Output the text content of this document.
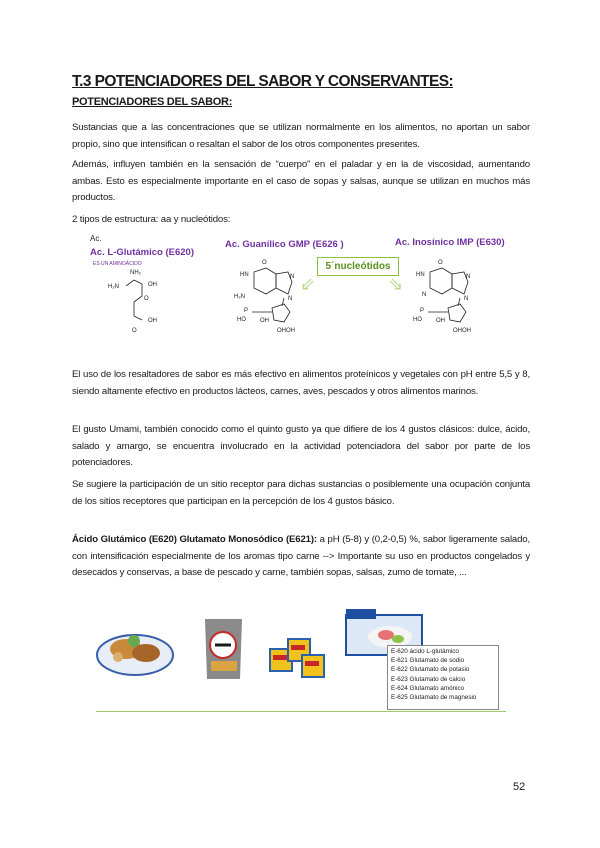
T.3 POTENCIADORES DEL SABOR Y CONSERVANTES:
POTENCIADORES DEL SABOR:
Sustancias que a las concentraciones que se utilizan normalmente en los alimentos, no aportan un sabor propio, sino que intensifican o resaltan el sabor de los otros componentes presentes.
Además, influyen también en la sensación de “cuerpo” en el paladar y en la de viscosidad, aumentando ambas. Esto es especialmente importante en el caso de sopas y salsas, aunque se utilizan en muchos más productos.
2 tipos de estructura: aa y nucleótidos:
Ac.
Ac. L-Glutámico (E620)
ES UN AMINOÁCIDO
Ac. Guanílico GMP (E626 )	Ac. Inosínico IMP (E630)
5´nucleótidos
⇙	⇘
NH₂
H₂N	OH
O
OH
O
O
HN
H₂N
N
N
HO
P
OH
OHOH
O
HN	N
N
N
HO
P
OH
OHOH
El uso de los resaltadores de sabor es más efectivo en alimentos proteínicos y vegetales con pH entre 5,5 y 8, siendo altamente efectivo en productos lácteos, carnes, aves, pescados y otros alimentos marinos.
El gusto Umami, también conocido como el quinto gusto ya que difiere de los 4 gustos clásicos: dulce, ácido, salado y amargo, se encuentra involucrado en la actividad potenciadora del sabor por parte de los potenciadores.
Se sugiere la participación de un sitio receptor para dichas sustancias o posiblemente una ocupación conjunta de los sitios receptores que participan en la percepción de los 4 gustos básico.
Ácido Glutámico (E620) Glutamato Monosódico (E621): a pH (5-8) y (0,2-0,5) %, sabor ligeramente salado, con intensificación especialmente de los aromas tipo carne --> Importante su uso en productos congelados y desecados y conservas, a base de pescado y carne, también sopas, salsas, zumo de tomate, ...
E-620 ácido L-glutámico
E-621 Glutamato de sodio
E-622 Glutamato de potasio
E-623 Glutamato de calcio
E-624 Glutamato amónico
E-625 Glutamato de magnesio
52
